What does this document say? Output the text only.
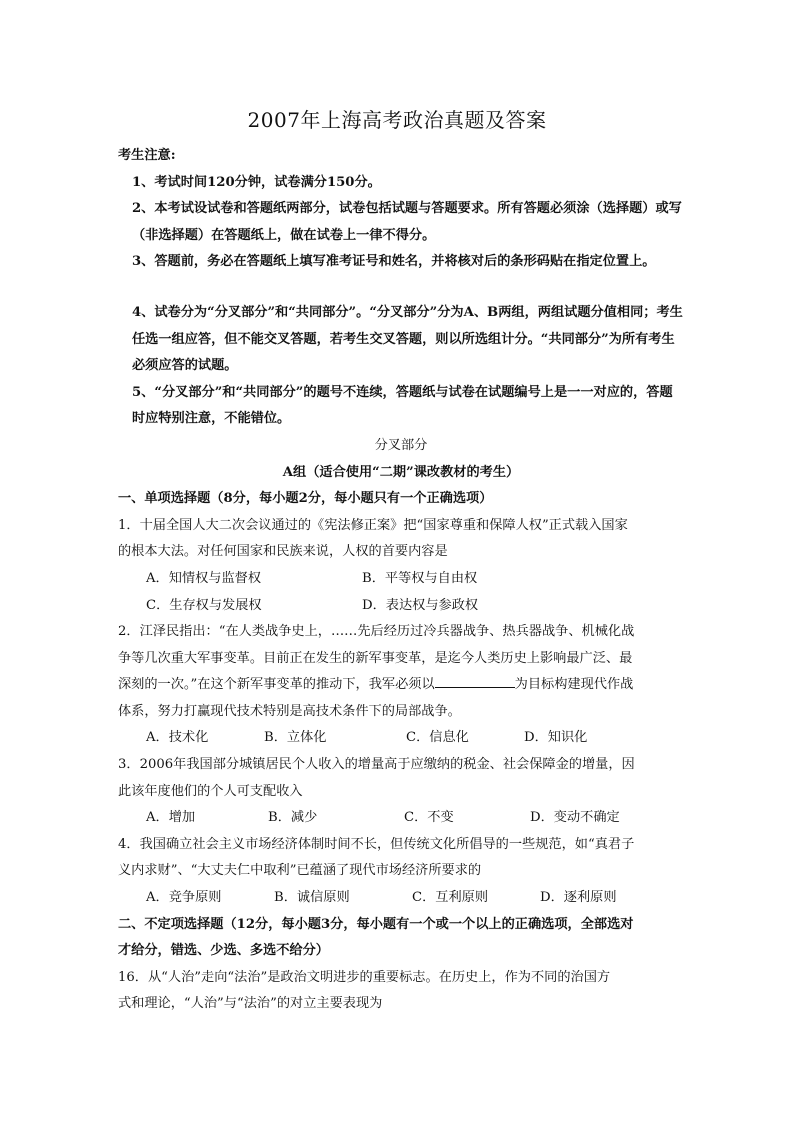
2007年上海高考政治真题及答案

考生注意:

1、考试时间120分钟，试卷满分150分。

2、本考试设试卷和答题纸两部分，试卷包括试题与答题要求。所有答题必须涂（选择题）或写（非选择题）在答题纸上，做在试卷上一律不得分。

3、答题前，务必在答题纸上填写准考证号和姓名，并将核对后的条形码贴在指定位置上。

4、试卷分为“分叉部分”和“共同部分”。“分叉部分”分为A、B两组，两组试题分值相同；考生任选一组应答，但不能交叉答题，若考生交叉答题，则以所选组计分。“共同部分”为所有考生必须应答的试题。

5、“分叉部分”和“共同部分”的题号不连续，答题纸与试卷在试题编号上是一一对应的，答题时应特别注意，不能错位。

分叉部分

A组（适合使用“二期”课改教材的考生）

一、单项选择题（8分，每小题2分，每小题只有一个正确选项）

1．十届全国人大二次会议通过的《宪法修正案》把“国家尊重和保障人权”正式载入国家

的根本大法。对任何国家和民族来说，人权的首要内容是

A．知情权与监督权	B．平等权与自由权
C．生存权与发展权	D．表达权与参政权

2．江泽民指出：“在人类战争史上，……先后经历过冷兵器战争、热兵器战争、机械化战

争等几次重大军事变革。目前正在发生的新军事变革，是迄今人类历史上影响最广泛、最

深刻的一次。”在这个新军事变革的推动下，我军必须以	为目标构建现代作战

体系，努力打赢现代技术特别是高技术条件下的局部战争。

A．技术化	B．立体化	C．信息化	D．知识化

3．2006年我国部分城镇居民个人收入的增量高于应缴纳的税金、社会保障金的增量，因

此该年度他们的个人可支配收入

A．增加	B．减少	C．不变	D．变动不确定

4．我国确立社会主义市场经济体制时间不长，但传统文化所倡导的一些规范，如“真君子

义内求财”、“大丈夫仁中取利”已蕴涵了现代市场经济所要求的

A．竞争原则	B．诚信原则	C．互利原则	D．逐利原则

二、不定项选择题（12分，每小题3分，每小题有一个或一个以上的正确选项，全部选对

才给分，错选、少选、多选不给分）

16．从“人治”走向“法治”是政治文明进步的重要标志。在历史上，作为不同的治国方

式和理论，“人治”与“法治”的对立主要表现为
